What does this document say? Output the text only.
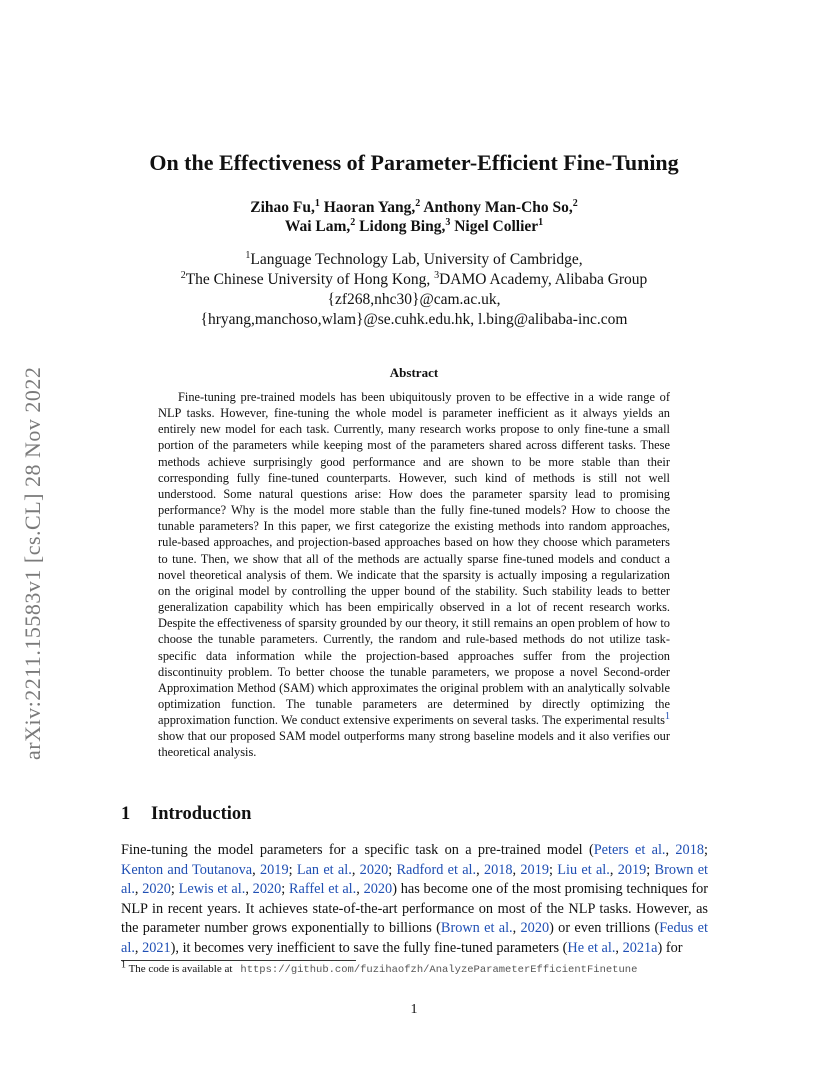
arXiv:2211.15583v1 [cs.CL] 28 Nov 2022
On the Effectiveness of Parameter-Efficient Fine-Tuning
Zihao Fu,$^1$ Haoran Yang,$^2$ Anthony Man-Cho So,$^2$
Wai Lam,$^2$ Lidong Bing,$^3$ Nigel Collier$^1$
$^1$Language Technology Lab, University of Cambridge,
$^2$The Chinese University of Hong Kong, $^3$DAMO Academy, Alibaba Group
{zf268,nhc30}@cam.ac.uk,
{hryang,manchoso,wlam}@se.cuhk.edu.hk, l.bing@alibaba-inc.com
Abstract
Fine-tuning pre-trained models has been ubiquitously proven to be effective in a wide range of NLP tasks. However, fine-tuning the whole model is parameter inefficient as it always yields an entirely new model for each task. Currently, many research works propose to only fine-tune a small portion of the parameters while keeping most of the parameters shared across different tasks. These methods achieve surprisingly good performance and are shown to be more stable than their corresponding fully fine-tuned counterparts. However, such kind of methods is still not well understood. Some natural questions arise: How does the parameter sparsity lead to promising performance? Why is the model more stable than the fully fine-tuned models? How to choose the tunable parameters? In this paper, we first categorize the existing methods into random approaches, rule-based approaches, and projection-based approaches based on how they choose which parameters to tune. Then, we show that all of the methods are actually sparse fine-tuned models and conduct a novel theoretical analysis of them. We indicate that the sparsity is actually imposing a regularization on the original model by controlling the upper bound of the stability. Such stability leads to better generalization capability which has been empirically observed in a lot of recent research works. Despite the effectiveness of sparsity grounded by our theory, it still remains an open problem of how to choose the tunable parameters. Currently, the random and rule-based methods do not utilize task-specific data information while the projection-based approaches suffer from the projection discontinuity problem. To better choose the tunable parameters, we propose a novel Second-order Approximation Method (SAM) which approximates the original problem with an analytically solvable optimization function. The tunable parameters are determined by directly optimizing the approximation function. We conduct extensive experiments on several tasks. The experimental results$^1$ show that our proposed SAM model outperforms many strong baseline models and it also verifies our theoretical analysis.
1 Introduction
Fine-tuning the model parameters for a specific task on a pre-trained model (Peters et al., 2018; Kenton and Toutanova, 2019; Lan et al., 2020; Radford et al., 2018, 2019; Liu et al., 2019; Brown et al., 2020; Lewis et al., 2020; Raffel et al., 2020) has become one of the most promising techniques for NLP in recent years. It achieves state-of-the-art performance on most of the NLP tasks. However, as the parameter number grows exponentially to billions (Brown et al., 2020) or even trillions (Fedus et al., 2021), it becomes very inefficient to save the fully fine-tuned parameters (He et al., 2021a) for
$^1$ The code is available at https://github.com/fuzihaofzh/AnalyzeParameterEfficientFinetune
1
